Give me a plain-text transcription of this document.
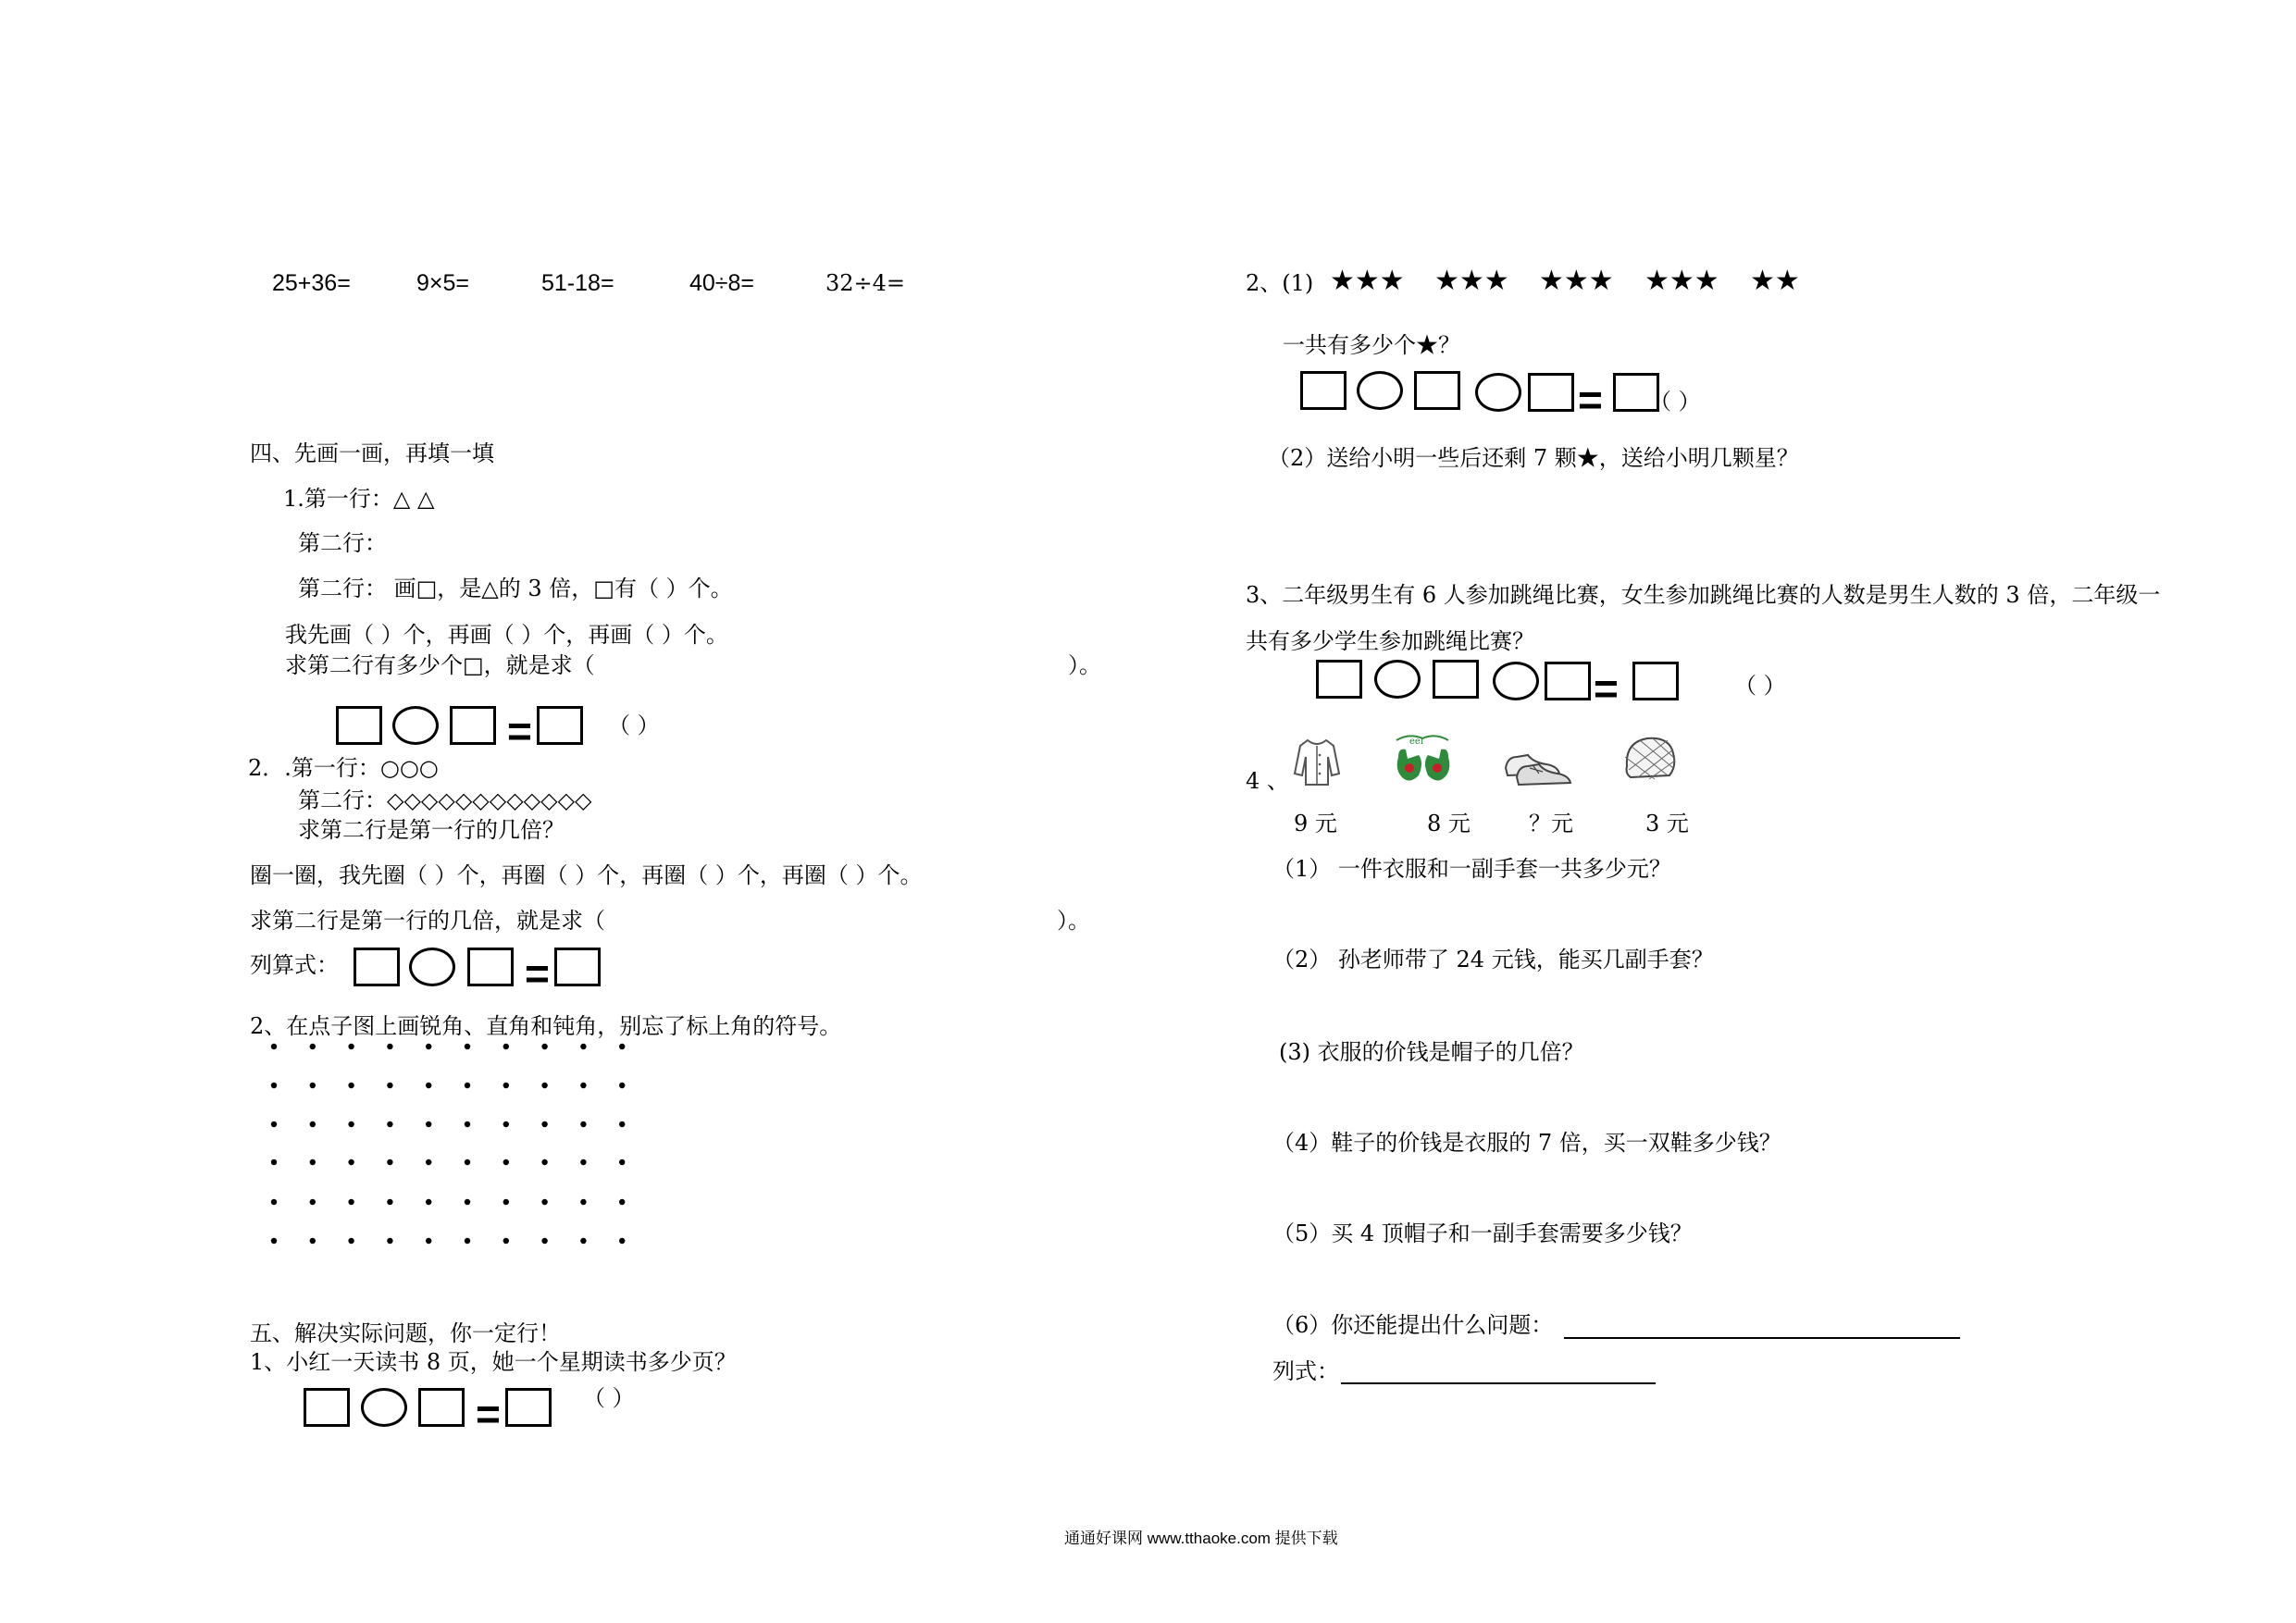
25+36=	9×5=	51-18=	40÷8=	32÷4=
四、先画一画，再填一填
1.第一行：△ △
第二行：
第二行： 画□，是△的 3 倍，□有（ ）个。
我先画（ ）个，再画（ ）个，再画（ ）个。
求第二行有多少个□，就是求（	）。
=	（ ）
2．.第一行：○○○
第二行：◇◇◇◇◇◇◇◇◇◇◇◇
求第二行是第一行的几倍？
圈一圈，我先圈（ ）个，再圈（ ）个，再圈（ ）个，再圈（ ）个。
求第二行是第一行的几倍，就是求（	）。
列算式：	=
2、在点子图上画锐角、直角和钝角，别忘了标上角的符号。
五、解决实际问题，你一定行！
1、小红一天读书 8 页，她一个星期读书多少页？
=	（ ）
2、(1) ★★★ ★★★ ★★★ ★★★ ★★
一共有多少个★？
= （ ）
（2）送给小明一些后还剩 7 颗★，送给小明几颗星？
3、二年级男生有 6 人参加跳绳比赛，女生参加跳绳比赛的人数是男生人数的 3 倍，二年级一
共有多少学生参加跳绳比赛？
=	（ ）
4 、
eel
9 元	8 元	？元	3 元
（1） 一件衣服和一副手套一共多少元？
（2） 孙老师带了 24 元钱，能买几副手套？
(3) 衣服的价钱是帽子的几倍？
（4）鞋子的价钱是衣服的 7 倍，买一双鞋多少钱？
（5）买 4 顶帽子和一副手套需要多少钱？
（6）你还能提出什么问题：
列式：
通通好课网 www.tthaoke.com 提供下载
